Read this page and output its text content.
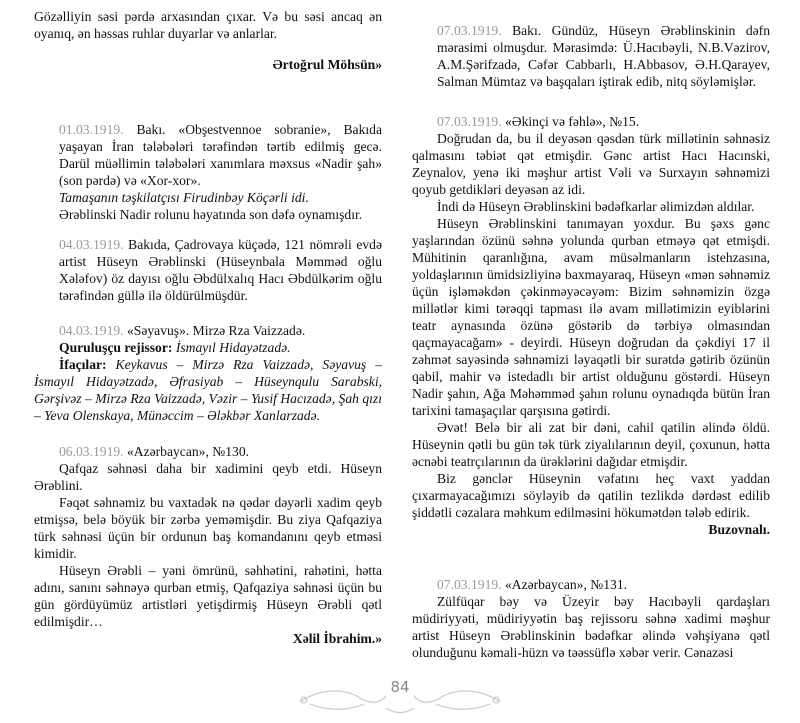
Gözəlliyin səsi pərdə arxasından çıxar. Və bu səsi ancaq ən oyanıq, ən həssas ruhlar duyarlar və anlarlar.

Ərtoğrul Möhsün»

01.03.1919. Bakı. «Obşestvennoe sobranie», Bakıda yaşayan İran tələbələri tərəfindən tərtib edilmiş gecə. Darül müəllimin tələbələri xanımlara məxsus «Nadir şah» (son pərdə) və «Xor-xor».

Tamaşanın təşkilatçısı Firudinbəy Köçərli idi.

Ərəblinski Nadir rolunu həyatında son dəfə oynamışdır.

04.03.1919. Bakıda, Çadrovaya küçədə, 121 nömrəli evdə artist Hüseyn Ərəblinski (Hüseynbala Məmməd oğlu Xələfov) öz dayısı oğlu Əbdülxalıq Hacı Əbdülkərim oğlu tərəfindən güllə ilə öldürülmüşdür.

04.03.1919. «Səyavuş». Mirzə Rza Vaizzadə.

Quruluşçu rejissor: İsmayıl Hidayətzadə.

İfaçılar: Keykavus – Mirzə Rza Vaizzadə, Səyavuş – İsmayıl Hidayətzadə, Əfrasiyab – Hüseynqulu Sarabski, Gərşivəz – Mirzə Rza Vaizzadə, Vəzir – Yusif Hacızadə, Şah qızı – Yeva Olenskaya, Münəccim – Ələkbər Xanlarzadə.

06.03.1919. «Azərbaycan», №130.

Qafqaz səhnəsi daha bir xadimini qeyb etdi. Hüseyn Ərəblini.

Fəqət səhnəmiz bu vaxtadək nə qədər dəyərli xadim qeyb etmişsə, belə böyük bir zərbə yeməmişdir. Bu ziya Qafqaziya türk səhnəsi üçün bir ordunun baş komandanını qeyb etməsi kimidir.

Hüseyn Ərəbli – yəni ömrünü, səhhətini, rahətini, hətta adını, sanını səhnəyə qurban etmiş, Qafqaziya səhnəsi üçün bu gün gördüyümüz artistləri yetişdirmiş Hüseyn Ərəbli qətl edilmişdir…

Xəlil İbrahim.»

07.03.1919. Bakı. Gündüz, Hüseyn Ərəblinskinin dəfn mərasimi olmuşdur. Mərasimdə: Ü.Hacıbəyli, N.B.Vəzirov, A.M.Şərifzadə, Cəfər Cabbarlı, H.Abbasov, Ə.H.Qarayev, Salman Mümtaz və başqaları iştirak edib, nitq söyləmişlər.

07.03.1919. «Əkinçi və fəhlə», №15.

Doğrudan da, bu il deyəsən qəsdən türk millətinin səhnəsiz qalmasını təbiət qət etmişdir. Gənc artist Hacı Hacınski, Zeynalov, yenə iki məşhur artist Vəli və Surxayın səhnəmizi qoyub getdikləri deyəsən az idi.

İndi də Hüseyn Ərəblinskini bədəfkarlar əlimizdən aldılar.

Hüseyn Ərəblinskini tanımayan yoxdur. Bu şəxs gənc yaşlarından özünü səhnə yolunda qurban etməyə qət etmişdi. Mühitinin qaranlığına, avam müsəlmanların istehzasına, yoldaşlarının ümidsizliyinə baxmayaraq, Hüseyn «mən səhnəmiz üçün işləməkdən çəkinməyəcəyəm: Bizim səhnəmizin özgə millətlər kimi tərəqqi tapması ilə avam millətimizin eyiblərini teatr aynasında özünə göstərib də tərbiyə olmasından qaçmayacağam» - deyirdi. Hüseyn doğrudan da çəkdiyi 17 il zəhmət sayəsində səhnəmizi ləyaqətli bir surətdə gətirib özünün qabil, mahir və istedadlı bir artist olduğunu göstərdi. Hüseyn Nadir şahın, Ağa Məhəmməd şahın rolunu oynadıqda bütün İran tarixini tamaşaçılar qarşısına gətirdi.

Əvət! Belə bir ali zat bir dəni, cahil qatilin əlində öldü. Hüseynin qətli bu gün tək türk ziyalılarının deyil, çoxunun, hətta əcnəbi teatrçılarının da ürəklərini dağıdar etmişdir.

Biz gənclər Hüseynin vəfatını heç vaxt yaddan çıxarmayacağımızı söyləyib də qatilin tezlikdə dərdəst edilib şiddətli cəzalara məhkum edilməsini hökumətdən tələb edirik.

Buzovnalı.

07.03.1919. «Azərbaycan», №131.

Zülfüqar bəy və Üzeyir bəy Hacıbəyli qardaşları müdiriyyəti, müdiriyyətin baş rejissoru səhnə xadimi məşhur artist Hüseyn Ərəblinskinin bədəfkar əlində vəhşiyanə qətl olunduğunu kəmali-hüzn və təəssüflə xəbər verir. Cənazəsi

84
